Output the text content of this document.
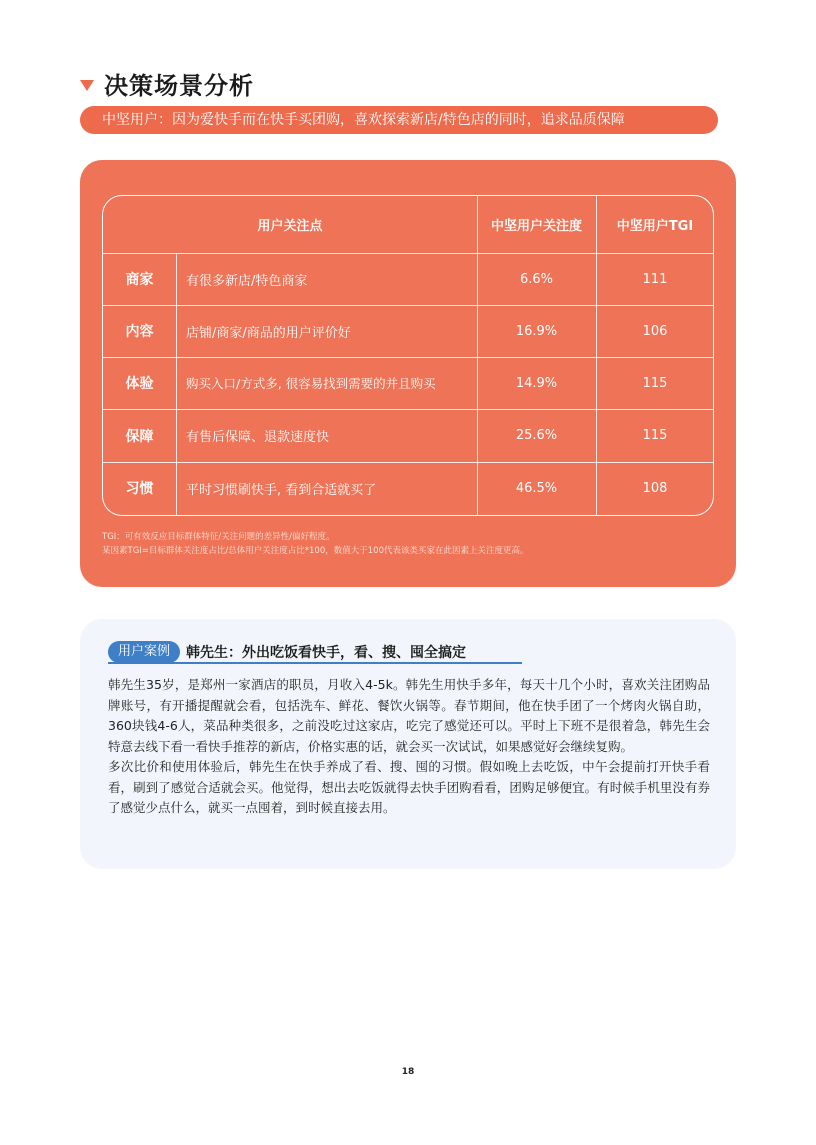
决策场景分析
中坚用户：因为爱快手而在快手买团购，喜欢探索新店/特色店的同时，追求品质保障
用户关注点	中坚用户关注度	中坚用户TGI
商家	有很多新店/特色商家	6.6%	111
内容	店铺/商家/商品的用户评价好	16.9%	106
体验	购买入口/方式多, 很容易找到需要的并且购买	14.9%	115
保障	有售后保障、退款速度快	25.6%	115
习惯	平时习惯刷快手, 看到合适就买了	46.5%	108
TGI：可有效反应目标群体特征/关注问题的差异性/偏好程度。
某因素TGI=目标群体关注度占比/总体用户关注度占比*100，数值大于100代表该类买家在此因素上关注度更高。
用户案例	韩先生：外出吃饭看快手，看、搜、囤全搞定

韩先生35岁，是郑州一家酒店的职员，月收入4-5k。韩先生用快手多年，每天十几个小时，喜欢关注团购品牌账号，有开播提醒就会看，包括洗车、鲜花、餐饮火锅等。春节期间，他在快手团了一个烤肉火锅自助，360块钱4-6人，菜品种类很多，之前没吃过这家店，吃完了感觉还可以。平时上下班不是很着急，韩先生会特意去线下看一看快手推荐的新店，价格实惠的话，就会买一次试试，如果感觉好会继续复购。

多次比价和使用体验后，韩先生在快手养成了看、搜、囤的习惯。假如晚上去吃饭，中午会提前打开快手看看，刷到了感觉合适就会买。他觉得，想出去吃饭就得去快手团购看看，团购足够便宜。有时候手机里没有券了感觉少点什么，就买一点囤着，到时候直接去用。

18
